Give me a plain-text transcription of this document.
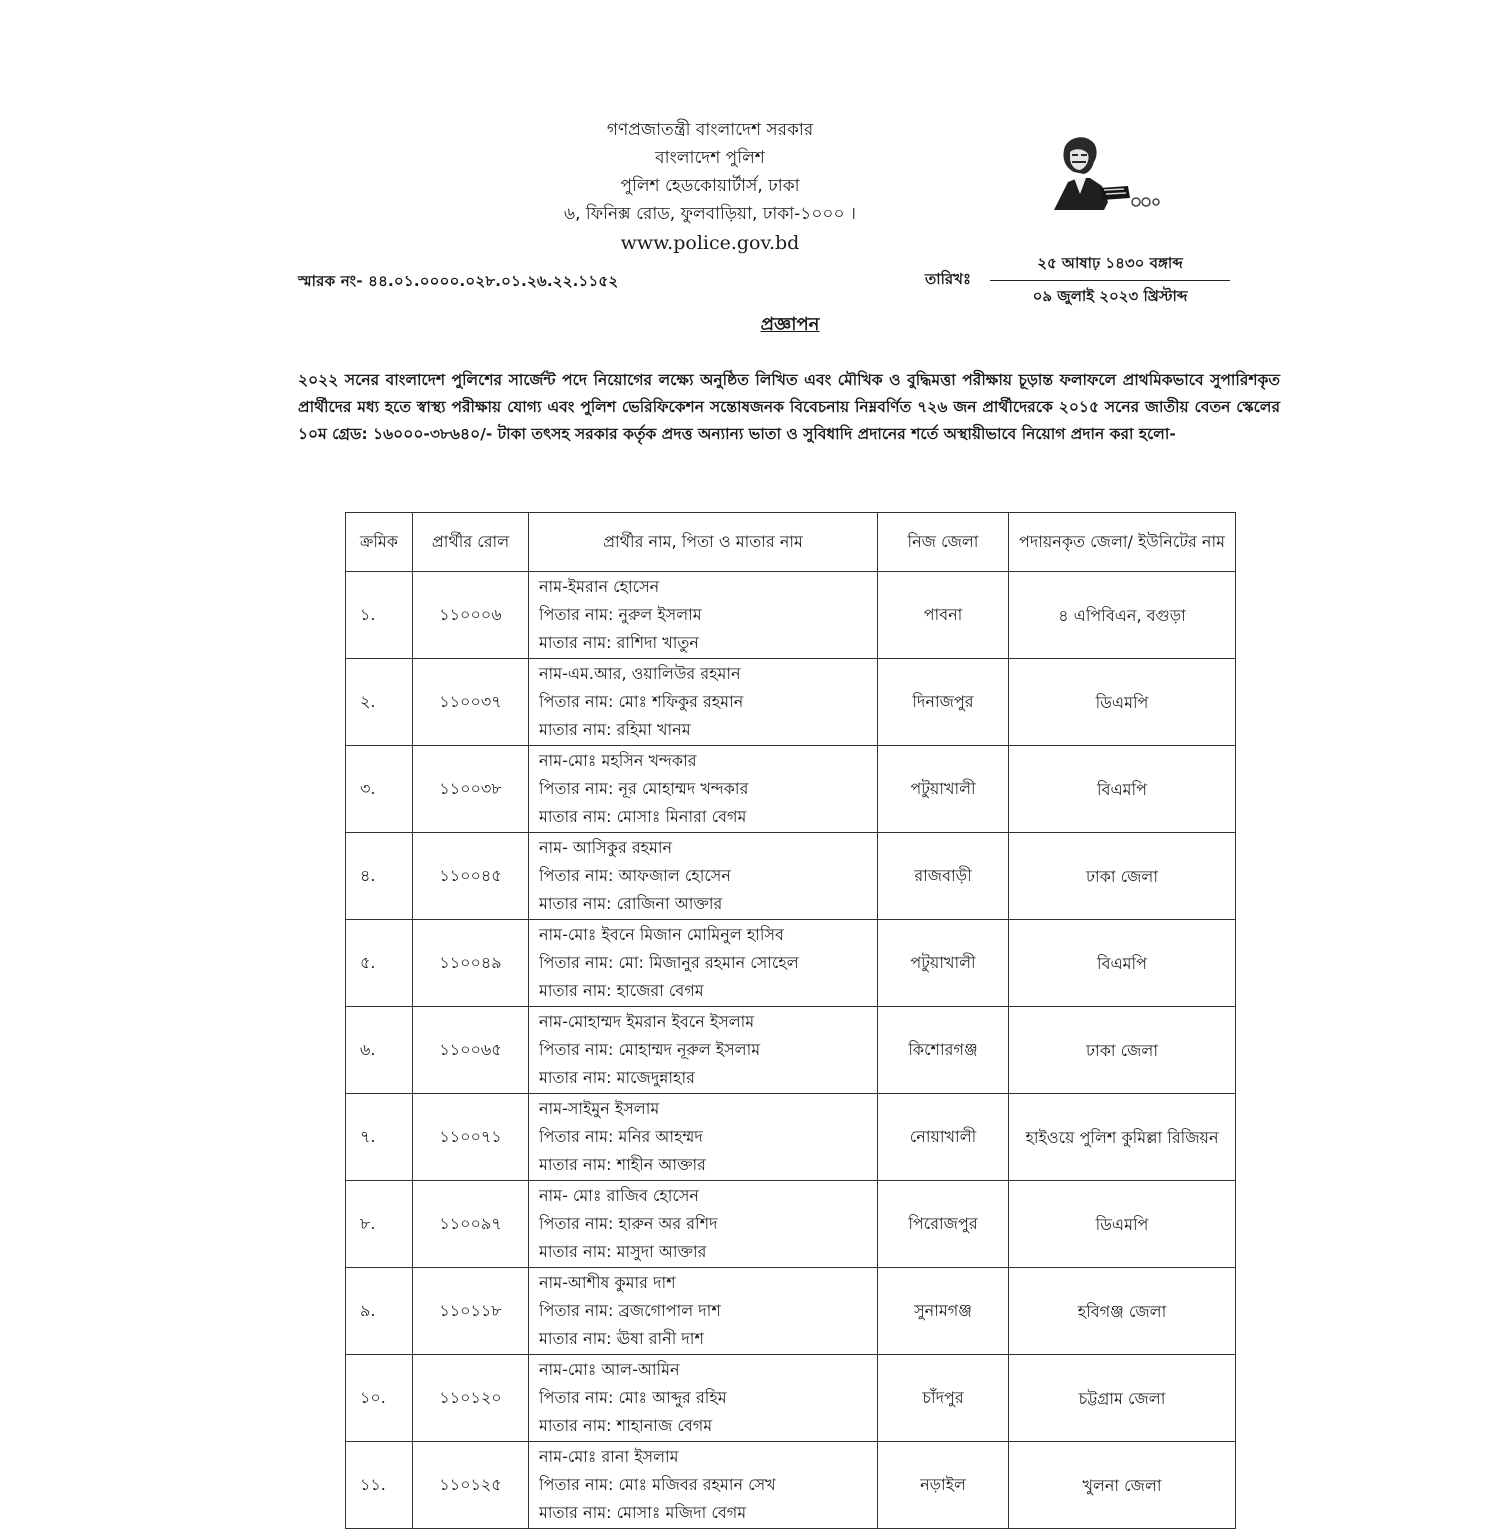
গণপ্রজাতন্ত্রী বাংলাদেশ সরকার
বাংলাদেশ পুলিশ
পুলিশ হেডকোয়ার্টার্স, ঢাকা
৬, ফিনিক্স রোড, ফুলবাড়িয়া, ঢাকা-১০০০ ।
www.police.gov.bd
স্মারক নং- ৪৪.০১.০০০০.০২৮.০১.২৬.২২.১১৫২	তারিখঃ
২৫ আষাঢ় ১৪৩০ বঙ্গাব্দ
০৯ জুলাই ২০২৩ খ্রিস্টাব্দ
প্রজ্ঞাপন
২০২২ সনের বাংলাদেশ পুলিশের সার্জেন্ট পদে নিয়োগের লক্ষ্যে অনুষ্ঠিত লিখিত এবং মৌখিক ও বুদ্ধিমত্তা পরীক্ষায় চূড়ান্ত ফলাফলে প্রাথমিকভাবে সুপারিশকৃত প্রার্থীদের মধ্য হতে স্বাস্থ্য পরীক্ষায় যোগ্য এবং পুলিশ ভেরিফিকেশন সন্তোষজনক বিবেচনায় নিম্নবর্ণিত ৭২৬ জন প্রার্থীদেরকে ২০১৫ সনের জাতীয় বেতন স্কেলের ১০ম গ্রেড: ১৬০০০-৩৮৬৪০/- টাকা তৎসহ সরকার কর্তৃক প্রদত্ত অন্যান্য ভাতা ও সুবিধাদি প্রদানের শর্তে অস্থায়ীভাবে নিয়োগ প্রদান করা হলো-
ক্রমিক	প্রার্থীর রোল	প্রার্থীর নাম, পিতা ও মাতার নাম	নিজ জেলা	পদায়নকৃত জেলা/ ইউনিটের নাম
১.	১১০০০৬	নাম-ইমরান হোসেন
পিতার নাম: নুরুল ইসলাম
মাতার নাম: রাশিদা খাতুন	পাবনা	৪ এপিবিএন, বগুড়া
২.	১১০০৩৭	নাম-এম.আর, ওয়ালিউর রহমান
পিতার নাম: মোঃ শফিকুর রহমান
মাতার নাম: রহিমা খানম	দিনাজপুর	ডিএমপি
৩.	১১০০৩৮	নাম-মোঃ মহসিন খন্দকার
পিতার নাম: নূর মোহাম্মদ খন্দকার
মাতার নাম: মোসাঃ মিনারা বেগম	পটুয়াখালী	বিএমপি
৪.	১১০০৪৫	নাম- আসিকুর রহমান
পিতার নাম: আফজাল হোসেন
মাতার নাম: রোজিনা আক্তার	রাজবাড়ী	ঢাকা জেলা
৫.	১১০০৪৯	নাম-মোঃ ইবনে মিজান মোমিনুল হাসিব
পিতার নাম: মো: মিজানুর রহমান সোহেল
মাতার নাম: হাজেরা বেগম	পটুয়াখালী	বিএমপি
৬.	১১০০৬৫	নাম-মোহাম্মদ ইমরান ইবনে ইসলাম
পিতার নাম: মোহাম্মদ নূরুল ইসলাম
মাতার নাম: মাজেদুন্নাহার	কিশোরগঞ্জ	ঢাকা জেলা
৭.	১১০০৭১	নাম-সাইমুন ইসলাম
পিতার নাম: মনির আহম্মদ
মাতার নাম: শাহীন আক্তার	নোয়াখালী	হাইওয়ে পুলিশ কুমিল্লা রিজিয়ন
৮.	১১০০৯৭	নাম- মোঃ রাজিব হোসেন
পিতার নাম: হারুন অর রশিদ
মাতার নাম: মাসুদা আক্তার	পিরোজপুর	ডিএমপি
৯.	১১০১১৮	নাম-আশীষ কুমার দাশ
পিতার নাম: ব্রজগোপাল দাশ
মাতার নাম: ঊষা রানী দাশ	সুনামগঞ্জ	হবিগঞ্জ জেলা
১০.	১১০১২০	নাম-মোঃ আল-আমিন
পিতার নাম: মোঃ আব্দুর রহিম
মাতার নাম: শাহানাজ বেগম	চাঁদপুর	চট্টগ্রাম জেলা
১১.	১১০১২৫	নাম-মোঃ রানা ইসলাম
পিতার নাম: মোঃ মজিবর রহমান সেখ
মাতার নাম: মোসাঃ মজিদা বেগম	নড়াইল	খুলনা জেলা
